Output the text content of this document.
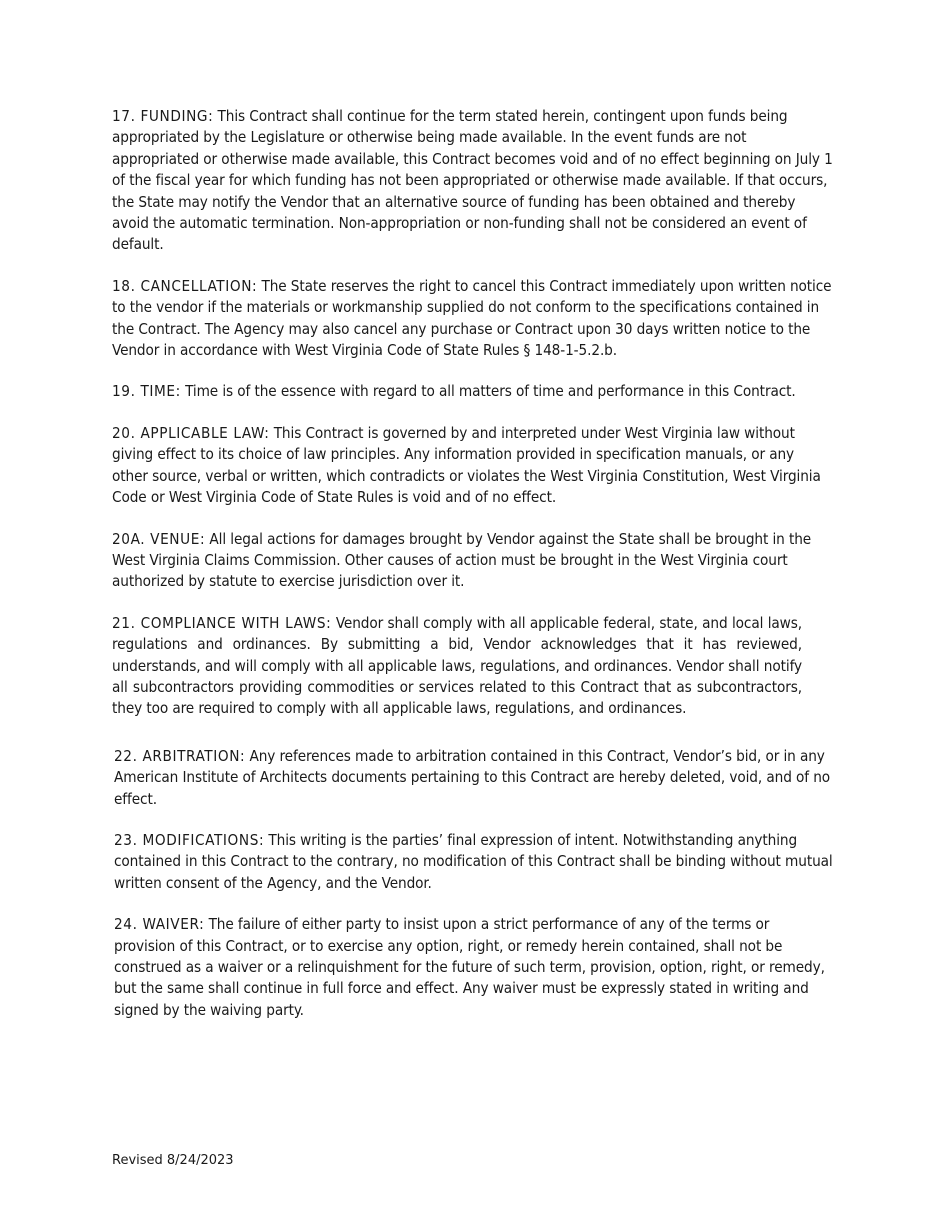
17. FUNDING: This Contract shall continue for the term stated herein, contingent upon funds being appropriated by the Legislature or otherwise being made available. In the event funds are not appropriated or otherwise made available, this Contract becomes void and of no effect beginning on July 1 of the fiscal year for which funding has not been appropriated or otherwise made available. If that occurs, the State may notify the Vendor that an alternative source of funding has been obtained and thereby avoid the automatic termination. Non-appropriation or non-funding shall not be considered an event of default.

18. CANCELLATION: The State reserves the right to cancel this Contract immediately upon written notice to the vendor if the materials or workmanship supplied do not conform to the specifications contained in the Contract. The Agency may also cancel any purchase or Contract upon 30 days written notice to the Vendor in accordance with West Virginia Code of State Rules § 148-1-5.2.b.

19. TIME: Time is of the essence with regard to all matters of time and performance in this Contract.

20. APPLICABLE LAW: This Contract is governed by and interpreted under West Virginia law without giving effect to its choice of law principles. Any information provided in specification manuals, or any other source, verbal or written, which contradicts or violates the West Virginia Constitution, West Virginia Code or West Virginia Code of State Rules is void and of no effect.

20A. VENUE: All legal actions for damages brought by Vendor against the State shall be brought in the West Virginia Claims Commission. Other causes of action must be brought in the West Virginia court authorized by statute to exercise jurisdiction over it.

21. COMPLIANCE WITH LAWS: Vendor shall comply with all applicable federal, state, and local laws, regulations and ordinances. By submitting a bid, Vendor acknowledges that it has reviewed, understands, and will comply with all applicable laws, regulations, and ordinances. Vendor shall notify all subcontractors providing commodities or services related to this Contract that as subcontractors, they too are required to comply with all applicable laws, regulations, and ordinances.

22. ARBITRATION: Any references made to arbitration contained in this Contract, Vendor’s bid, or in any American Institute of Architects documents pertaining to this Contract are hereby deleted, void, and of no effect.

23. MODIFICATIONS: This writing is the parties’ final expression of intent. Notwithstanding anything contained in this Contract to the contrary, no modification of this Contract shall be binding without mutual written consent of the Agency, and the Vendor.

24. WAIVER: The failure of either party to insist upon a strict performance of any of the terms or provision of this Contract, or to exercise any option, right, or remedy herein contained, shall not be construed as a waiver or a relinquishment for the future of such term, provision, option, right, or remedy, but the same shall continue in full force and effect. Any waiver must be expressly stated in writing and signed by the waiving party.

Revised 8/24/2023
